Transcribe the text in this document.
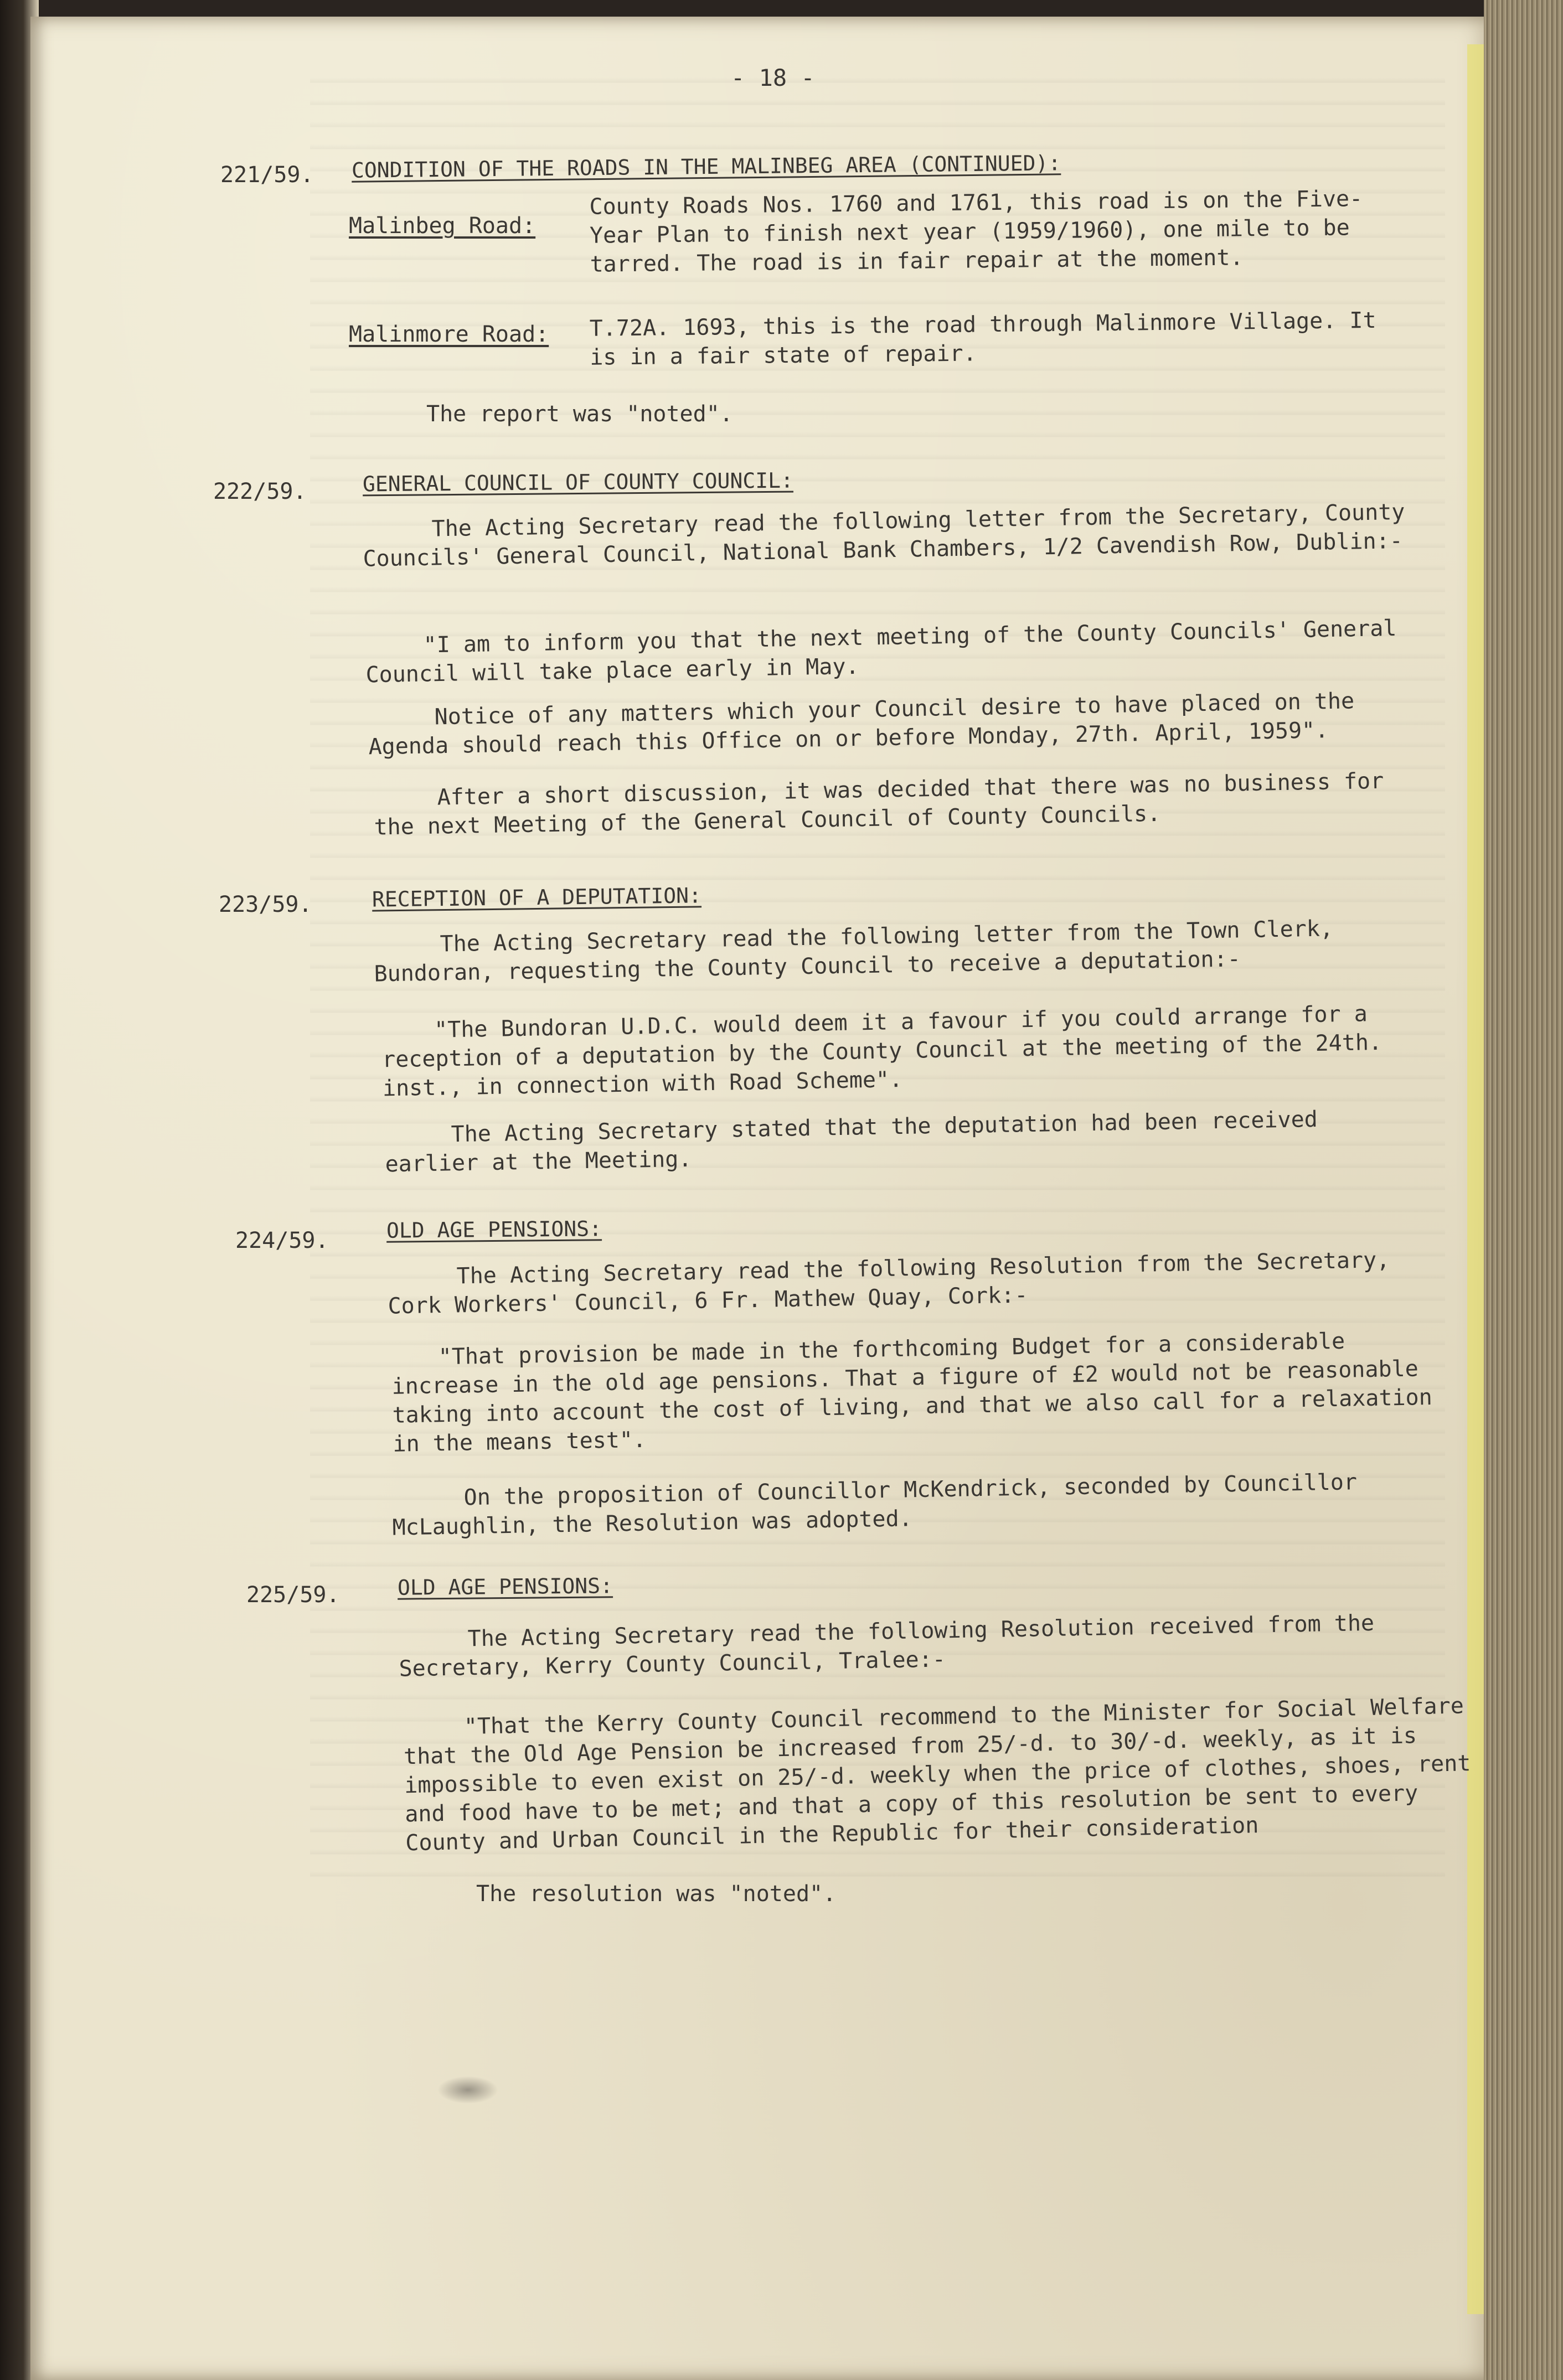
- 18 -
221/59. CONDITION OF THE ROADS IN THE MALINBEG AREA (CONTINUED):
Malinbeg Road:

County Roads Nos. 1760 and 1761, this road is on the Five-Year Plan to finish next year (1959/1960), one mile to be tarred. The road is in fair repair at the moment.

Malinmore Road: T.72A. 1693, this is the road through Malinmore Village. It is in a fair state of repair.

The report was "noted".

222/59.	GENERAL COUNCIL OF COUNTY COUNCIL:

The Acting Secretary read the following letter from the Secretary, County Councils' General Council, National Bank Chambers, 1/2 Cavendish Row, Dublin:-

"I am to inform you that the next meeting of the County Councils' General Council will take place early in May.

Notice of any matters which your Council desire to have placed on the Agenda should reach this Office on or before Monday, 27th. April, 1959".

After a short discussion, it was decided that there was no business for the next Meeting of the General Council of County Councils.

223/59.	RECEPTION OF A DEPUTATION:

The Acting Secretary read the following letter from the Town Clerk, Bundoran, requesting the County Council to receive a deputation:-

"The Bundoran U.D.C. would deem it a favour if you could arrange for a reception of a deputation by the County Council at the meeting of the 24th. inst., in connection with Road Scheme".

The Acting Secretary stated that the deputation had been received earlier at the Meeting.

224/59.	OLD AGE PENSIONS:

The Acting Secretary read the following Resolution from the Secretary, Cork Workers' Council, 6 Fr. Mathew Quay, Cork:-

"That provision be made in the forthcoming Budget for a considerable increase in the old age pensions. That a figure of £2 would not be reasonable taking into account the cost of living, and that we also call for a relaxation in the means test".

On the proposition of Councillor McKendrick, seconded by Councillor McLaughlin, the Resolution was adopted.

225/59.	OLD AGE PENSIONS:

The Acting Secretary read the following Resolution received from the Secretary, Kerry County Council, Tralee:-

"That the Kerry County Council recommend to the Minister for Social Welfare that the Old Age Pension be increased from 25/-d. to 30/-d. weekly, as it is impossible to even exist on 25/-d. weekly when the price of clothes, shoes, rent and food have to be met; and that a copy of this resolution be sent to every County and Urban Council in the Republic for their consideration

The resolution was "noted".
